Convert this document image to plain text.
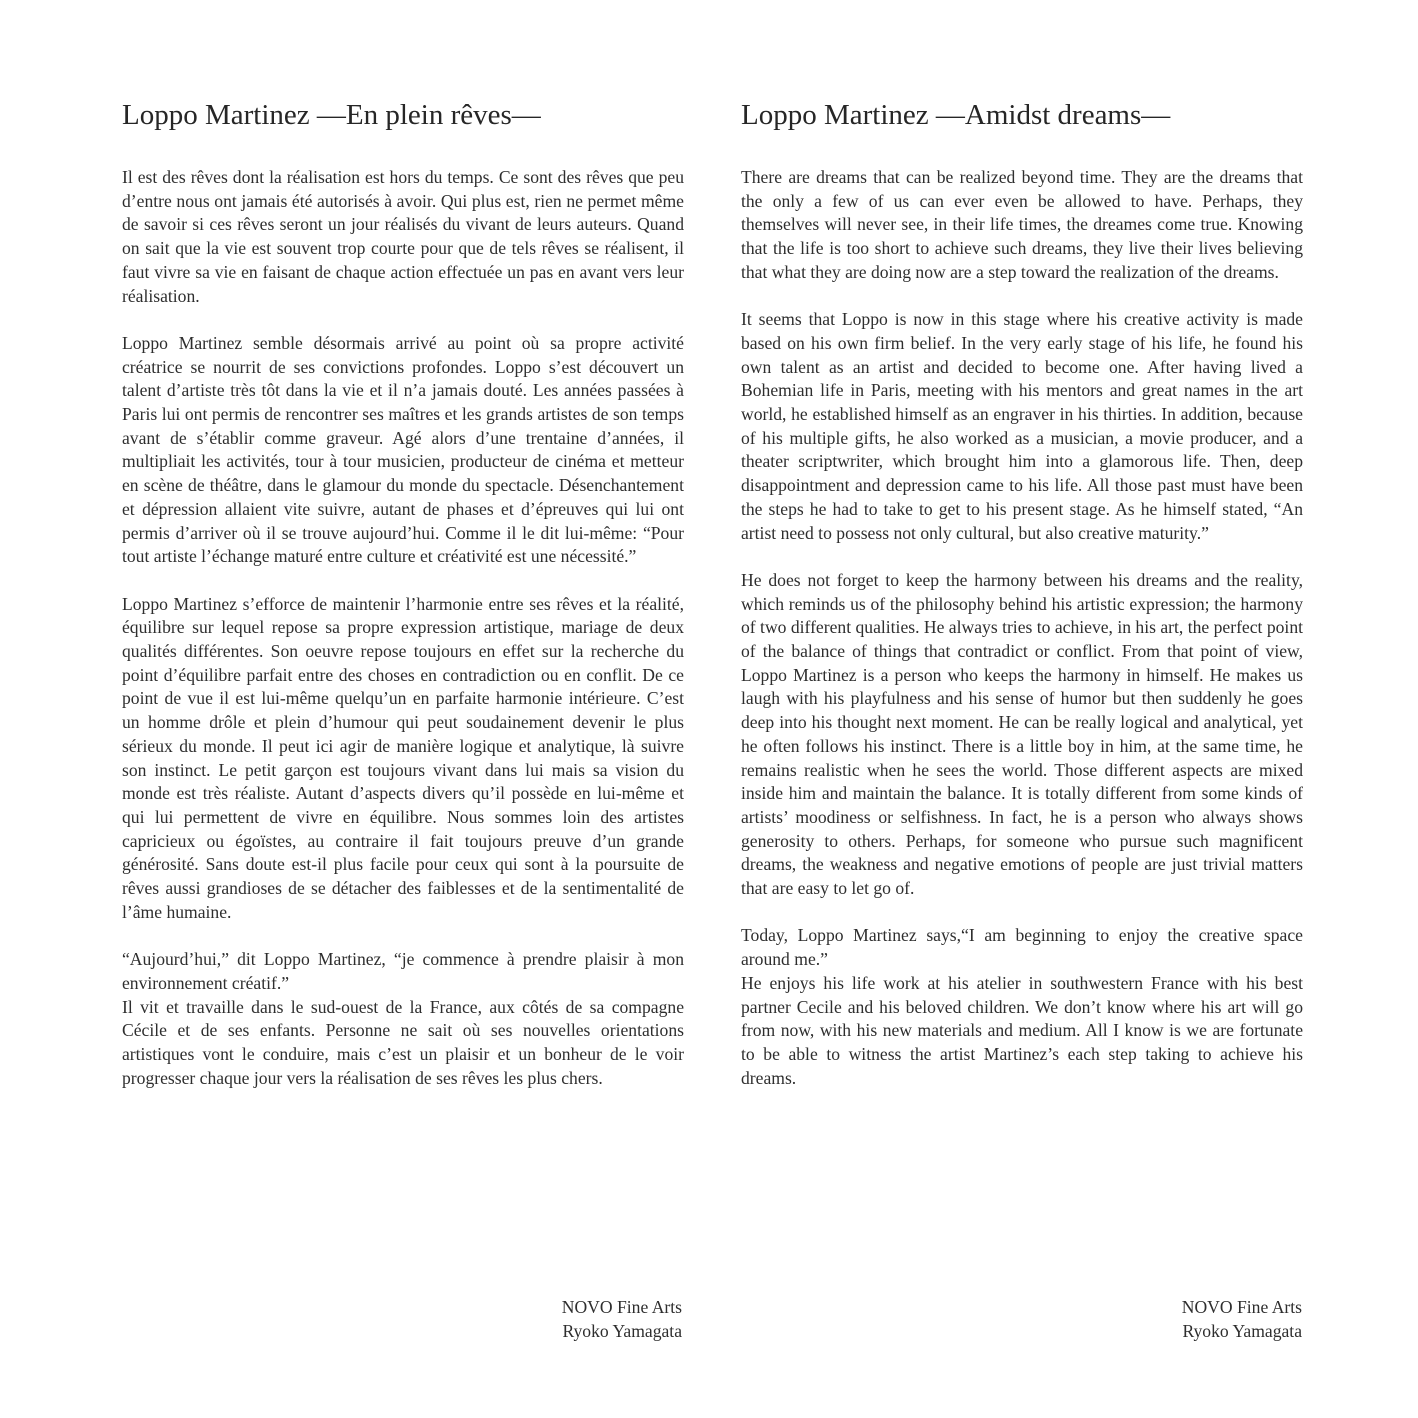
Loppo Martinez —En plein rêves—

Il est des rêves dont la réalisation est hors du temps. Ce sont des rêves que peu d’entre nous ont jamais été autorisés à avoir. Qui plus est, rien ne permet même de savoir si ces rêves seront un jour réalisés du vivant de leurs auteurs. Quand on sait que la vie est souvent trop courte pour que de tels rêves se réalisent, il faut vivre sa vie en faisant de chaque action effectuée un pas en avant vers leur réalisation.

Loppo Martinez semble désormais arrivé au point où sa propre activité créatrice se nourrit de ses convictions profondes. Loppo s’est découvert un talent d’artiste très tôt dans la vie et il n’a jamais douté. Les années passées à Paris lui ont permis de rencontrer ses maîtres et les grands artistes de son temps avant de s’établir comme graveur. Agé alors d’une trentaine d’années, il multipliait les activités, tour à tour musicien, producteur de cinéma et metteur en scène de théâtre, dans le glamour du monde du spectacle. Désenchantement et dépression allaient vite suivre, autant de phases et d’épreuves qui lui ont permis d’arriver où il se trouve aujourd’hui. Comme il le dit lui-même: “Pour tout artiste l’échange maturé entre culture et créativité est une nécessité.”

Loppo Martinez s’efforce de maintenir l’harmonie entre ses rêves et la réalité, équilibre sur lequel repose sa propre expression artistique, mariage de deux qualités différentes. Son oeuvre repose toujours en effet sur la recherche du point d’équilibre parfait entre des choses en contradiction ou en conflit. De ce point de vue il est lui-même quelqu’un en parfaite harmonie intérieure. C’est un homme drôle et plein d’humour qui peut soudainement devenir le plus sérieux du monde. Il peut ici agir de manière logique et analytique, là suivre son instinct. Le petit garçon est toujours vivant dans lui mais sa vision du monde est très réaliste. Autant d’aspects divers qu’il possède en lui-même et qui lui permettent de vivre en équilibre. Nous sommes loin des artistes capricieux ou égoïstes, au contraire il fait toujours preuve d’un grande générosité. Sans doute est-il plus facile pour ceux qui sont à la poursuite de rêves aussi grandioses de se détacher des faiblesses et de la sentimentalité de l’âme humaine.

“Aujourd’hui,” dit Loppo Martinez, “je commence à prendre plaisir à mon environnement créatif.”

Il vit et travaille dans le sud-ouest de la France, aux côtés de sa compagne Cécile et de ses enfants. Personne ne sait où ses nouvelles orientations artistiques vont le conduire, mais c’est un plaisir et un bonheur de le voir progresser chaque jour vers la réalisation de ses rêves les plus chers.

NOVO Fine Arts
Ryoko Yamagata
Loppo Martinez —Amidst dreams—

There are dreams that can be realized beyond time. They are the dreams that the only a few of us can ever even be allowed to have. Perhaps, they themselves will never see, in their life times, the dreames come true. Knowing that the life is too short to achieve such dreams, they live their lives believing that what they are doing now are a step toward the realization of the dreams.

It seems that Loppo is now in this stage where his creative activity is made based on his own firm belief. In the very early stage of his life, he found his own talent as an artist and decided to become one. After having lived a Bohemian life in Paris, meeting with his mentors and great names in the art world, he established himself as an engraver in his thirties. In addition, because of his multiple gifts, he also worked as a musician, a movie producer, and a theater scriptwriter, which brought him into a glamorous life. Then, deep disappointment and depression came to his life. All those past must have been the steps he had to take to get to his present stage. As he himself stated, “An artist need to possess not only cultural, but also creative maturity.”

He does not forget to keep the harmony between his dreams and the reality, which reminds us of the philosophy behind his artistic expression; the harmony of two different qualities. He always tries to achieve, in his art, the perfect point of the balance of things that contradict or conflict. From that point of view, Loppo Martinez is a person who keeps the harmony in himself. He makes us laugh with his playfulness and his sense of humor but then suddenly he goes deep into his thought next moment. He can be really logical and analytical, yet he often follows his instinct. There is a little boy in him, at the same time, he remains realistic when he sees the world. Those different aspects are mixed inside him and maintain the balance. It is totally different from some kinds of artists’ moodiness or selfishness. In fact, he is a person who always shows generosity to others. Perhaps, for someone who pursue such magnificent dreams, the weakness and negative emotions of people are just trivial matters that are easy to let go of.

Today, Loppo Martinez says,“I am beginning to enjoy the creative space around me.”

He enjoys his life work at his atelier in southwestern France with his best partner Cecile and his beloved children. We don’t know where his art will go from now, with his new materials and medium. All I know is we are fortunate to be able to witness the artist Martinez’s each step taking to achieve his dreams.

NOVO Fine Arts
Ryoko Yamagata
